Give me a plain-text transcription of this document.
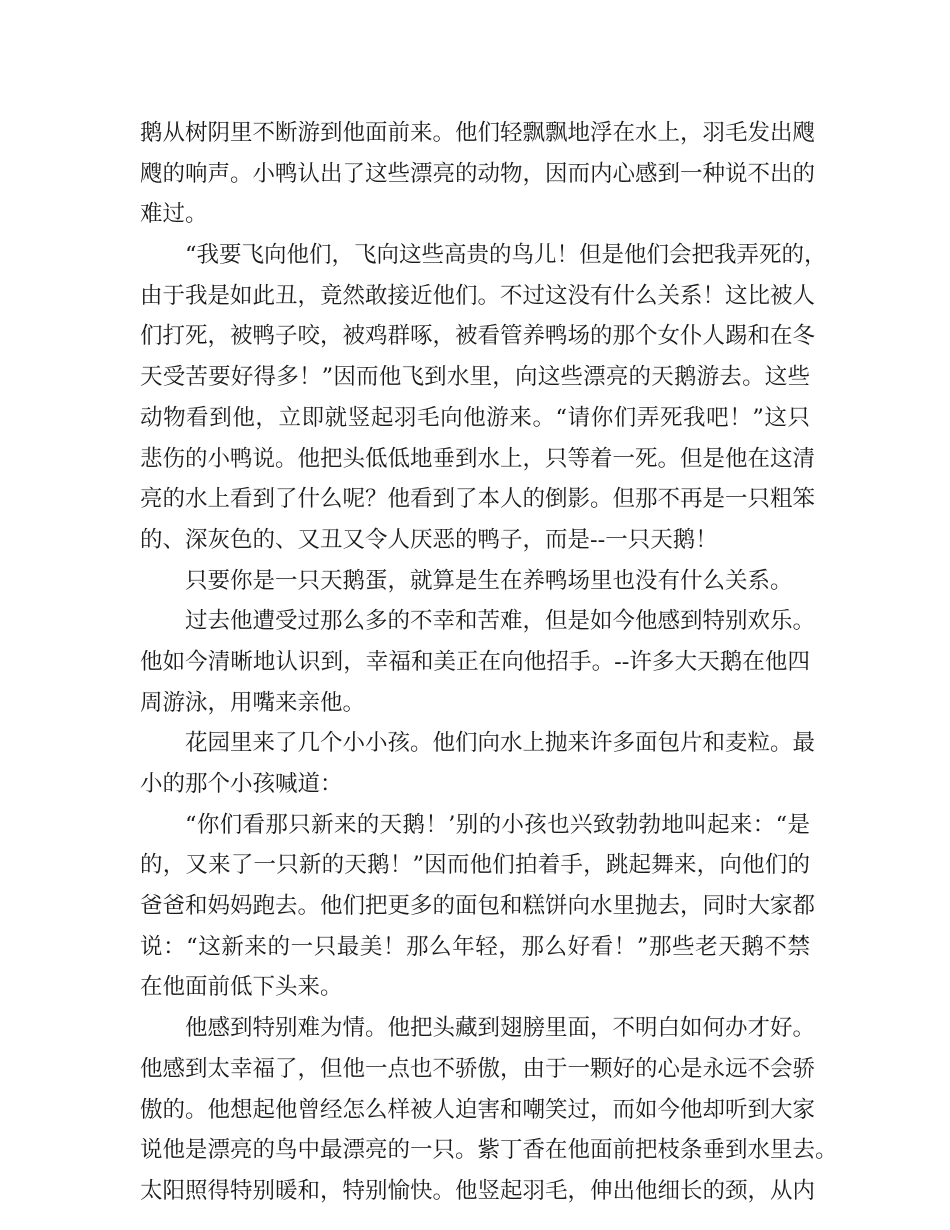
鹅从树阴里不断游到他面前来。他们轻飘飘地浮在水上，羽毛发出飕
飕的响声。小鸭认出了这些漂亮的动物，因而内心感到一种说不出的
难过。
“我要飞向他们，飞向这些高贵的鸟儿！但是他们会把我弄死的，
由于我是如此丑，竟然敢接近他们。不过这没有什么关系！这比被人
们打死，被鸭子咬，被鸡群啄，被看管养鸭场的那个女仆人踢和在冬
天受苦要好得多！”因而他飞到水里，向这些漂亮的天鹅游去。这些
动物看到他，立即就竖起羽毛向他游来。“请你们弄死我吧！”这只
悲伤的小鸭说。他把头低低地垂到水上，只等着一死。但是他在这清
亮的水上看到了什么呢？他看到了本人的倒影。但那不再是一只粗笨
的、深灰色的、又丑又令人厌恶的鸭子，而是--一只天鹅！
只要你是一只天鹅蛋，就算是生在养鸭场里也没有什么关系。
过去他遭受过那么多的不幸和苦难，但是如今他感到特别欢乐。
他如今清晰地认识到，幸福和美正在向他招手。--许多大天鹅在他四
周游泳，用嘴来亲他。
花园里来了几个小小孩。他们向水上抛来许多面包片和麦粒。最
小的那个小孩喊道：
“你们看那只新来的天鹅！’别的小孩也兴致勃勃地叫起来：“是
的，又来了一只新的天鹅！”因而他们拍着手，跳起舞来，向他们的
爸爸和妈妈跑去。他们把更多的面包和糕饼向水里抛去，同时大家都
说：“这新来的一只最美！那么年轻，那么好看！”那些老天鹅不禁
在他面前低下头来。
他感到特别难为情。他把头藏到翅膀里面，不明白如何办才好。
他感到太幸福了，但他一点也不骄傲，由于一颗好的心是永远不会骄
傲的。他想起他曾经怎么样被人迫害和嘲笑过，而如今他却听到大家
说他是漂亮的鸟中最漂亮的一只。紫丁香在他面前把枝条垂到水里去。
太阳照得特别暖和，特别愉快。他竖起羽毛，伸出他细长的颈，从内
